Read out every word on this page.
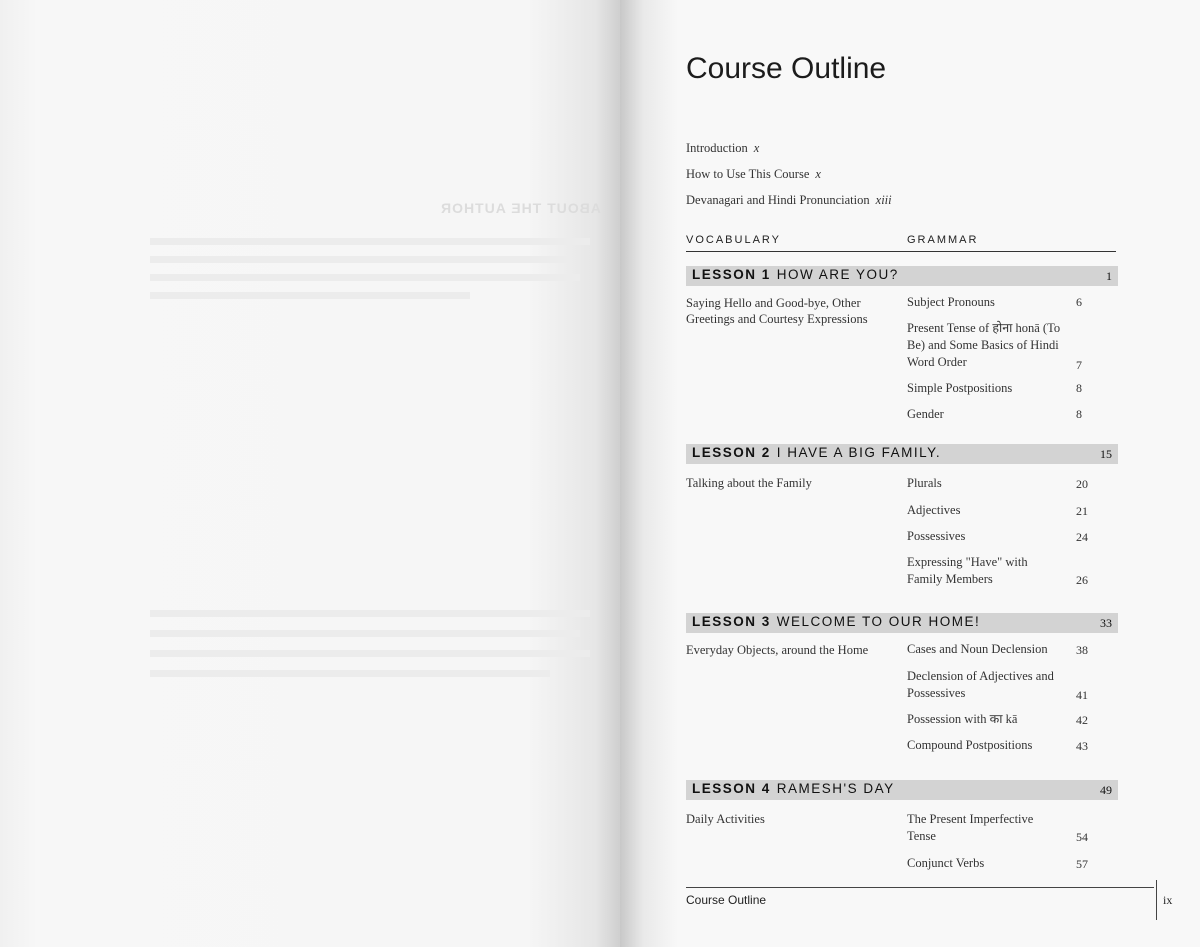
ABOUT THE AUTHOR
Course Outline
Introduction x
How to Use This Course x
Devanagari and Hindi Pronunciation xiii
VOCABULARY	GRAMMAR
LESSON 1 HOW ARE YOU?	1
Saying Hello and Good-bye, Other Greetings and Courtesy Expressions
Subject Pronouns	6
Present Tense of होना honā (To Be) and Some Basics of Hindi Word Order	7
Simple Postpositions	8
Gender	8
LESSON 2 I HAVE A BIG FAMILY.	15
Talking about the Family	Plurals	20
Adjectives	21
Possessives	24
Expressing "Have" with Family Members	26
LESSON 3 WELCOME TO OUR HOME!	33
Everyday Objects, around the Home	Cases and Noun Declension	38
Declension of Adjectives and Possessives	41
Possession with का kā	42
Compound Postpositions	43
LESSON 4 RAMESH'S DAY	49
Daily Activities	The Present Imperfective Tense	54
Conjunct Verbs	57
Course Outline	ix
